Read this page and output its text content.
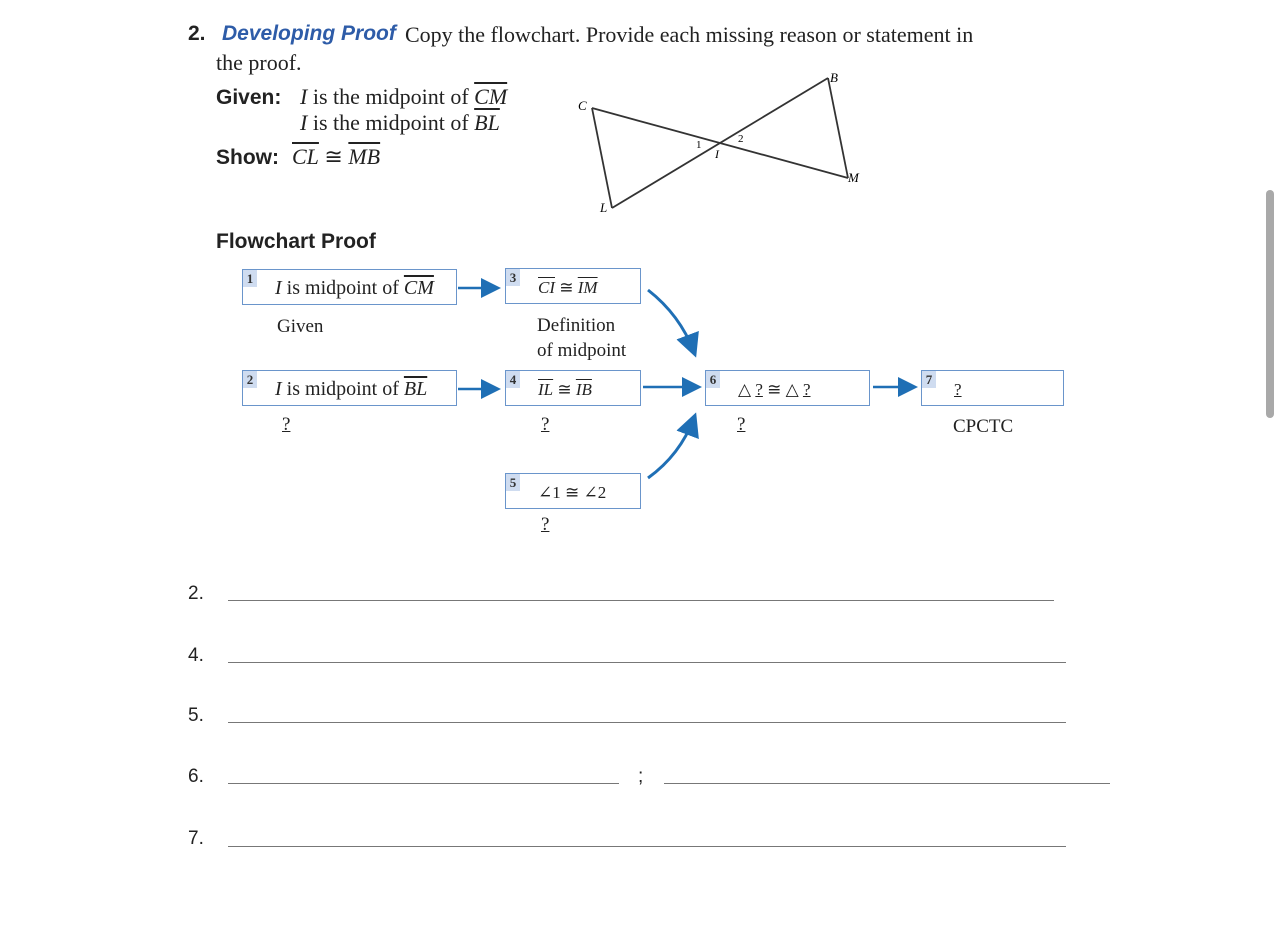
2. Developing Proof Copy the flowchart. Provide each missing reason or statement in
the proof.
Given: I is the midpoint of $\overline{CM}$
I is the midpoint of $\overline{BL}$
Show: $\overline{CL}$ ≅ $\overline{MB}$
C
B
I
L
M
1	2
Flowchart Proof
1 I is midpoint of $\overline{CM}$
Given
2 I is midpoint of $\overline{BL}$
?
3
$\overline{CI}$ ≅ $\overline{IM}$
Definition
of midpoint
4
$\overline{IL}$ ≅ $\overline{IB}$
?
5
∠1 ≅ ∠2
?
6
△ ? ≅ △ ?
?
7
?
CPCTC
2.
4.
5.
6.	;
7.
